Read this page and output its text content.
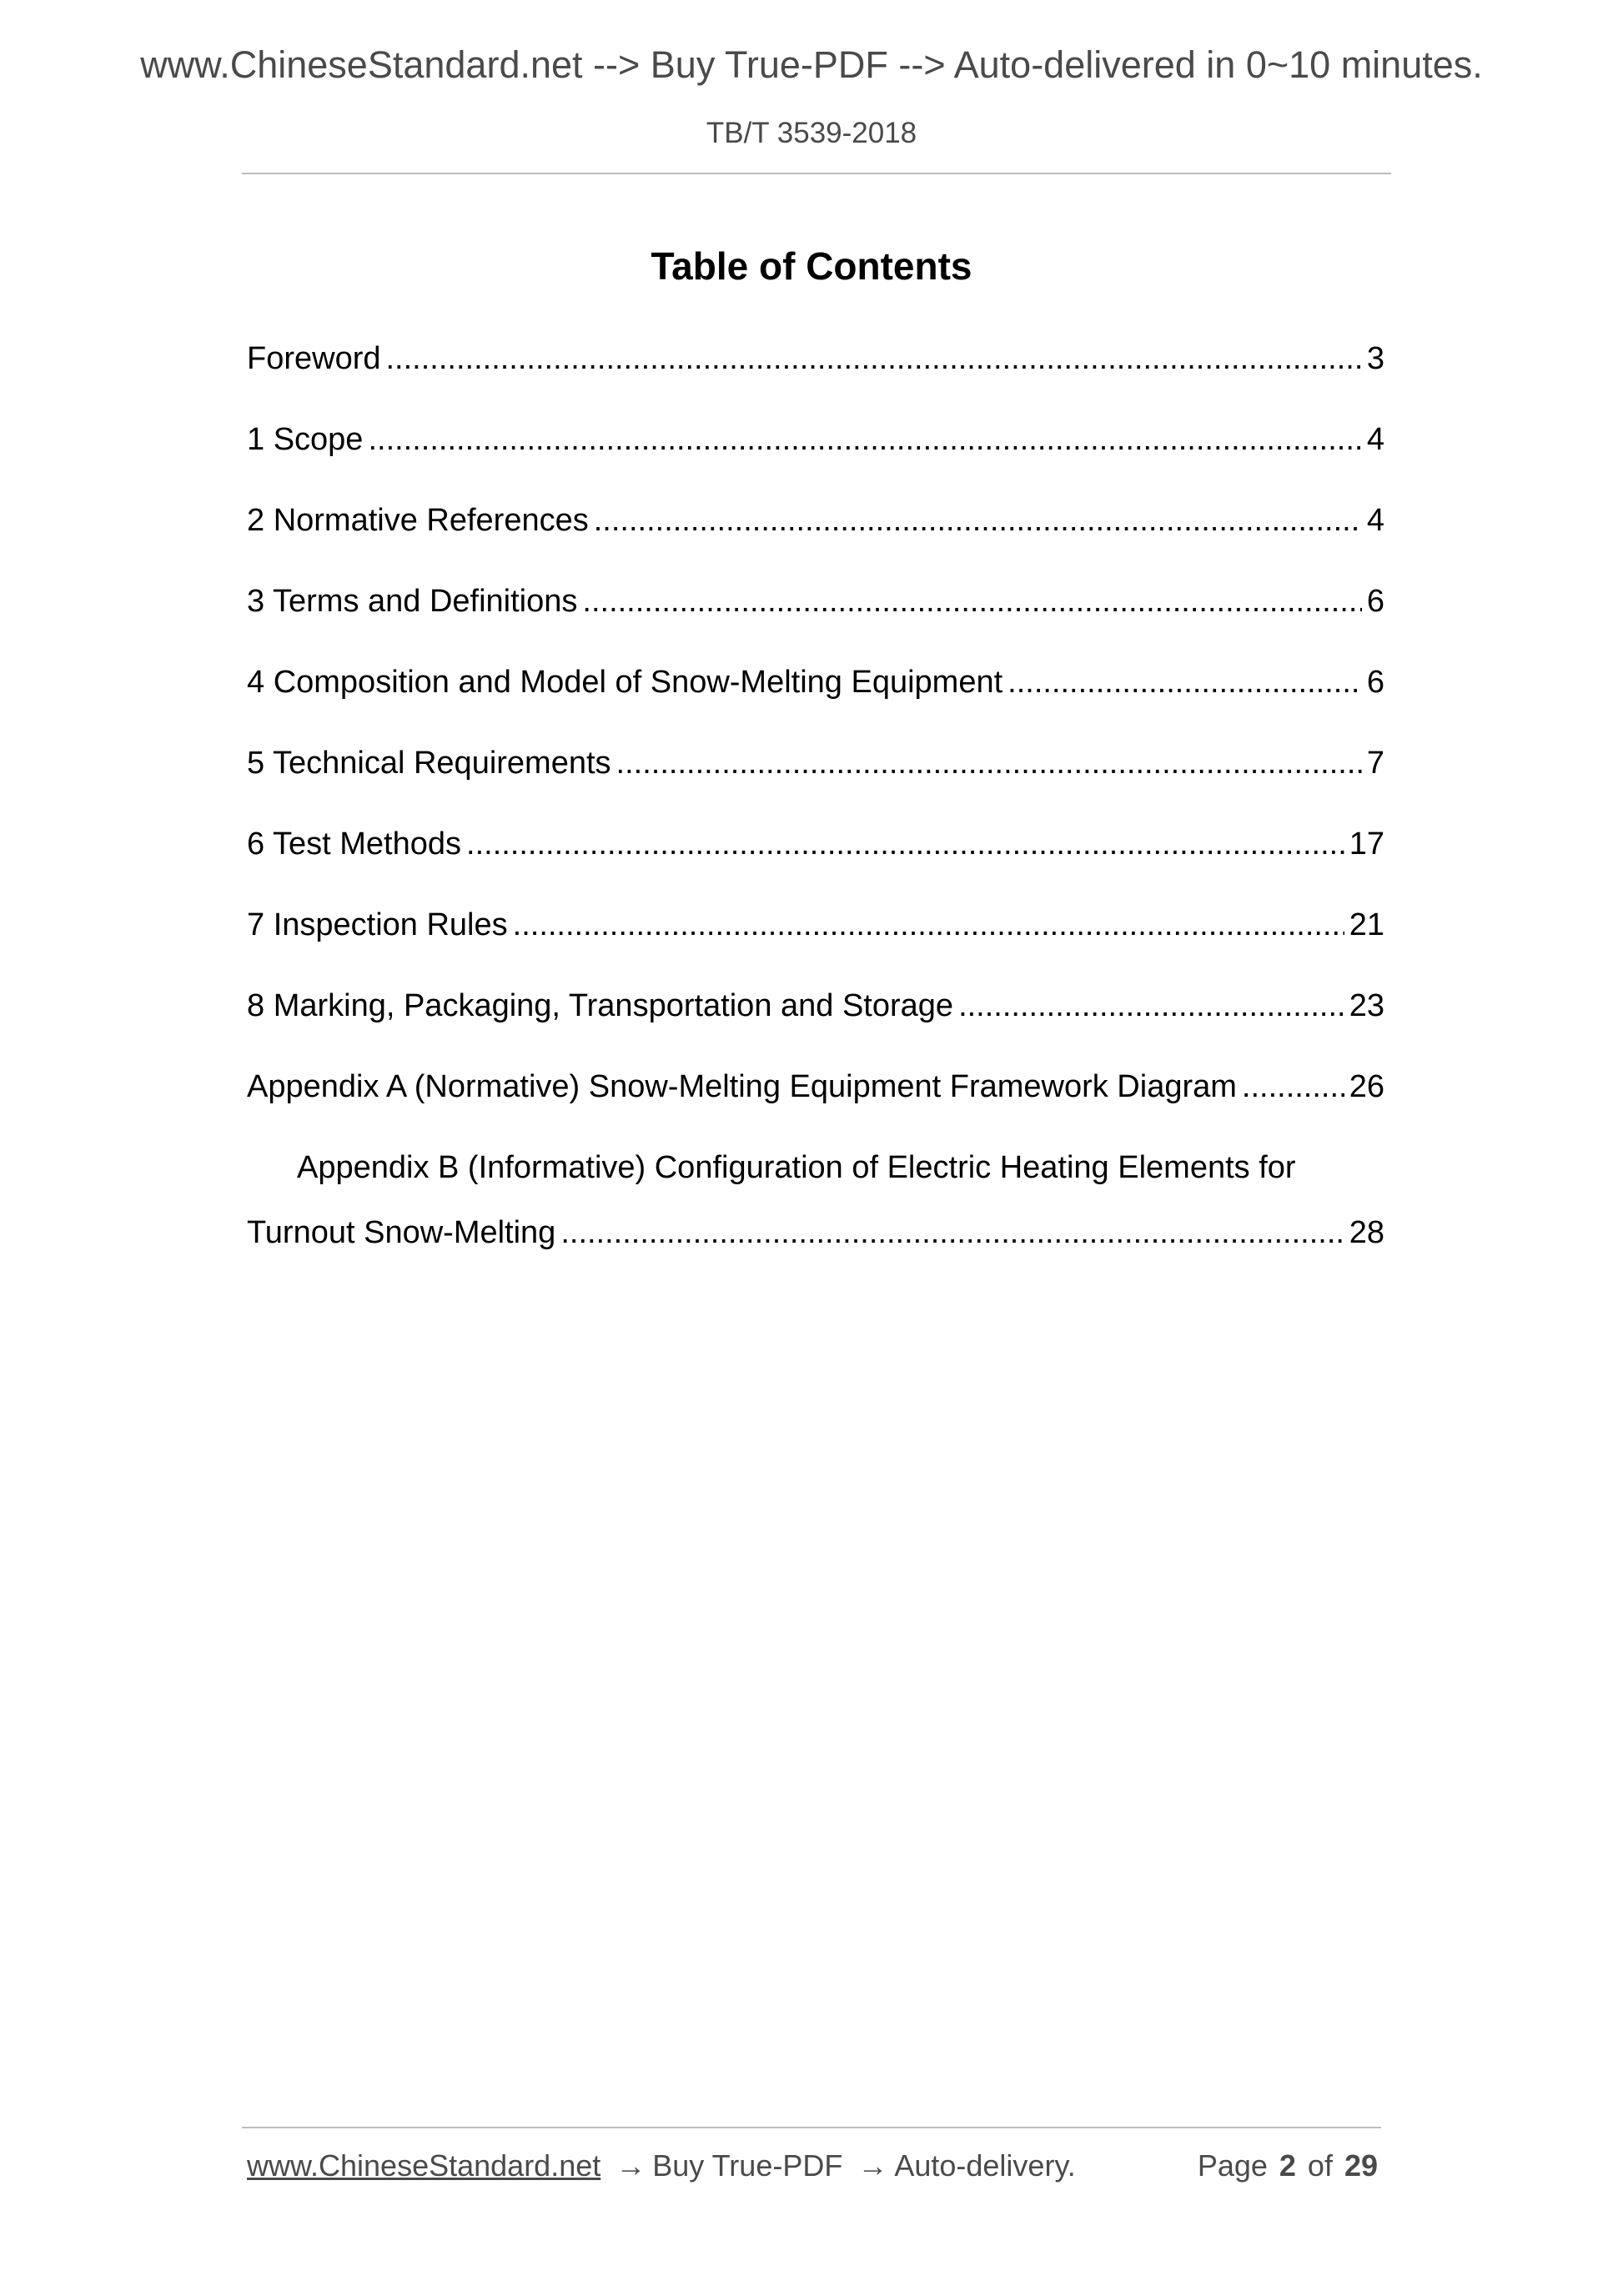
www.ChineseStandard.net --> Buy True-PDF --> Auto-delivered in 0~10 minutes.
TB/T 3539-2018
Table of Contents
Foreword .....	3
1 Scope .....	4
2 Normative References .....	4
3 Terms and Definitions .....	6
4 Composition and Model of Snow-Melting Equipment .....	6
5 Technical Requirements .....	7
6 Test Methods .....	17
7 Inspection Rules .....	21
8 Marking, Packaging, Transportation and Storage .....	23
Appendix A (Normative) Snow-Melting Equipment Framework Diagram .....	26
Appendix B (Informative) Configuration of Electric Heating Elements for
Turnout Snow-Melting .....	28
www.ChineseStandard.net → Buy True-PDF → Auto-delivery.	Page 2 of 29
